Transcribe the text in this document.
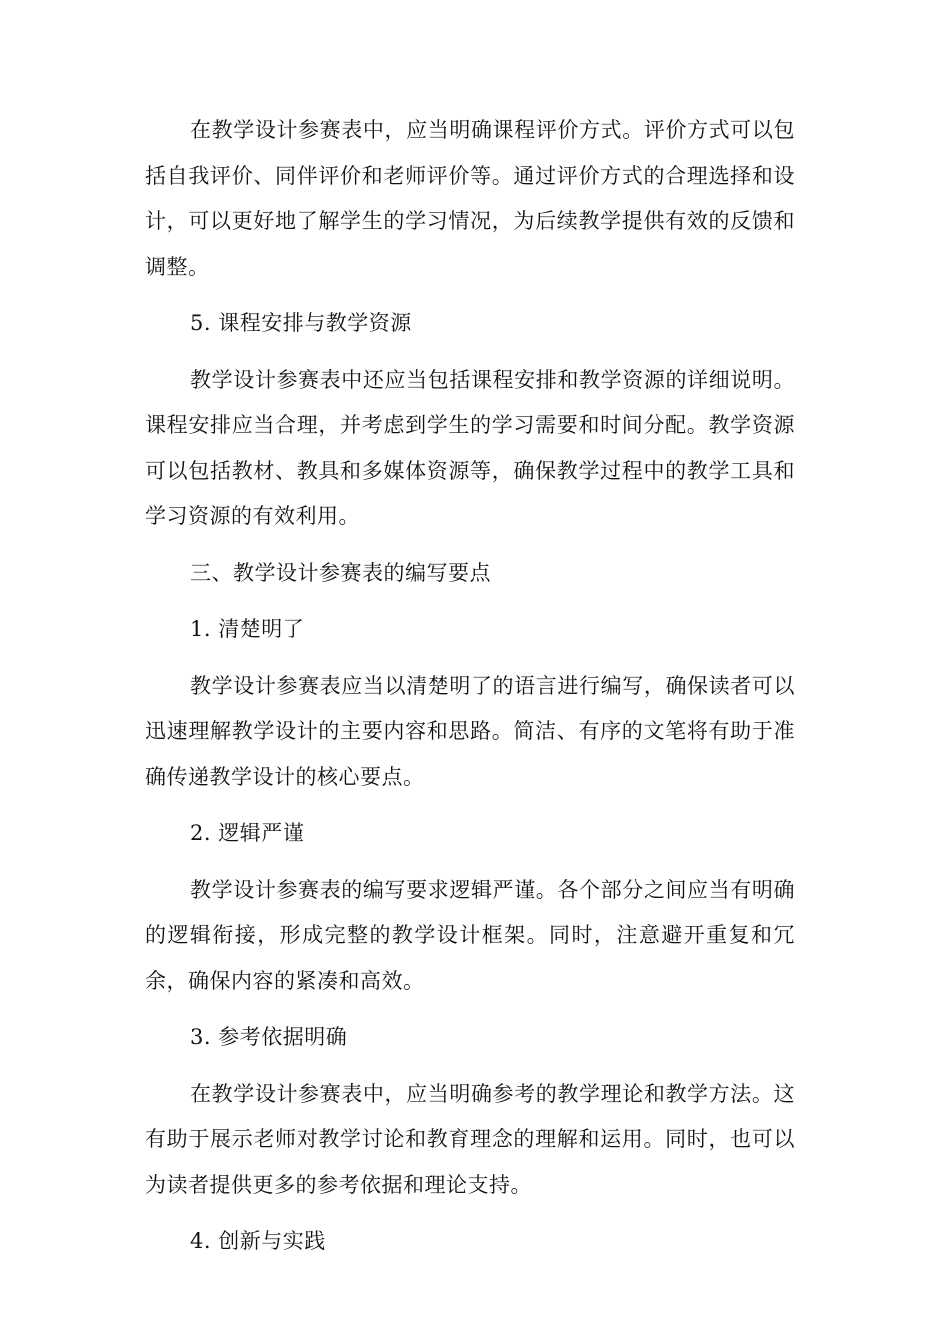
在教学设计参赛表中，应当明确课程评价方式。评价方式可以包括自我评价、同伴评价和老师评价等。通过评价方式的合理选择和设计，可以更好地了解学生的学习情况，为后续教学提供有效的反馈和调整。

5. 课程安排与教学资源

教学设计参赛表中还应当包括课程安排和教学资源的详细说明。课程安排应当合理，并考虑到学生的学习需要和时间分配。教学资源可以包括教材、教具和多媒体资源等，确保教学过程中的教学工具和学习资源的有效利用。

三、教学设计参赛表的编写要点

1. 清楚明了

教学设计参赛表应当以清楚明了的语言进行编写，确保读者可以迅速理解教学设计的主要内容和思路。简洁、有序的文笔将有助于准确传递教学设计的核心要点。

2. 逻辑严谨

教学设计参赛表的编写要求逻辑严谨。各个部分之间应当有明确的逻辑衔接，形成完整的教学设计框架。同时，注意避开重复和冗余，确保内容的紧凑和高效。

3. 参考依据明确

在教学设计参赛表中，应当明确参考的教学理论和教学方法。这有助于展示老师对教学讨论和教育理念的理解和运用。同时，也可以为读者提供更多的参考依据和理论支持。

4. 创新与实践
